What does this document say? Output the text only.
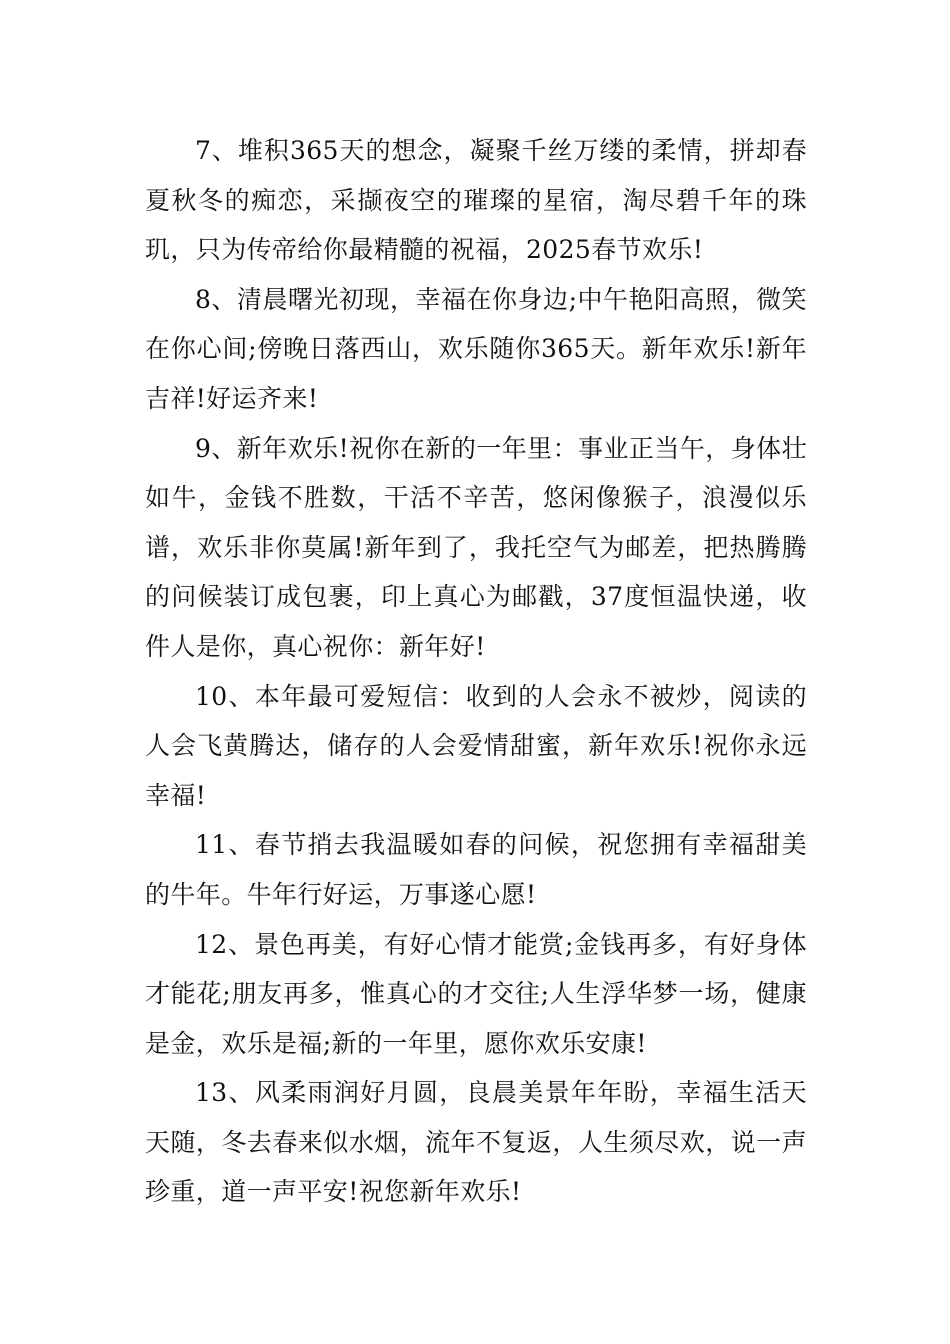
7、堆积365天的想念，凝聚千丝万缕的柔情，拼却春夏秋冬的痴恋，采撷夜空的璀璨的星宿，淘尽碧千年的珠玑，只为传帝给你最精髓的祝福，2025春节欢乐!

8、清晨曙光初现，幸福在你身边;中午艳阳高照，微笑在你心间;傍晚日落西山，欢乐随你365天。新年欢乐!新年吉祥!好运齐来!

9、新年欢乐!祝你在新的一年里：事业正当午，身体壮如牛，金钱不胜数，干活不辛苦，悠闲像猴子，浪漫似乐谱，欢乐非你莫属!新年到了，我托空气为邮差，把热腾腾的问候装订成包裹，印上真心为邮戳，37度恒温快递，收件人是你，真心祝你：新年好!

10、本年最可爱短信：收到的人会永不被炒，阅读的人会飞黄腾达，储存的人会爱情甜蜜，新年欢乐!祝你永远幸福!

11、春节捎去我温暖如春的问候，祝您拥有幸福甜美的牛年。牛年行好运，万事遂心愿!

12、景色再美，有好心情才能赏;金钱再多，有好身体才能花;朋友再多，惟真心的才交往;人生浮华梦一场，健康是金，欢乐是福;新的一年里，愿你欢乐安康!

13、风柔雨润好月圆，良晨美景年年盼，幸福生活天天随，冬去春来似水烟，流年不复返，人生须尽欢，说一声珍重，道一声平安!祝您新年欢乐!
